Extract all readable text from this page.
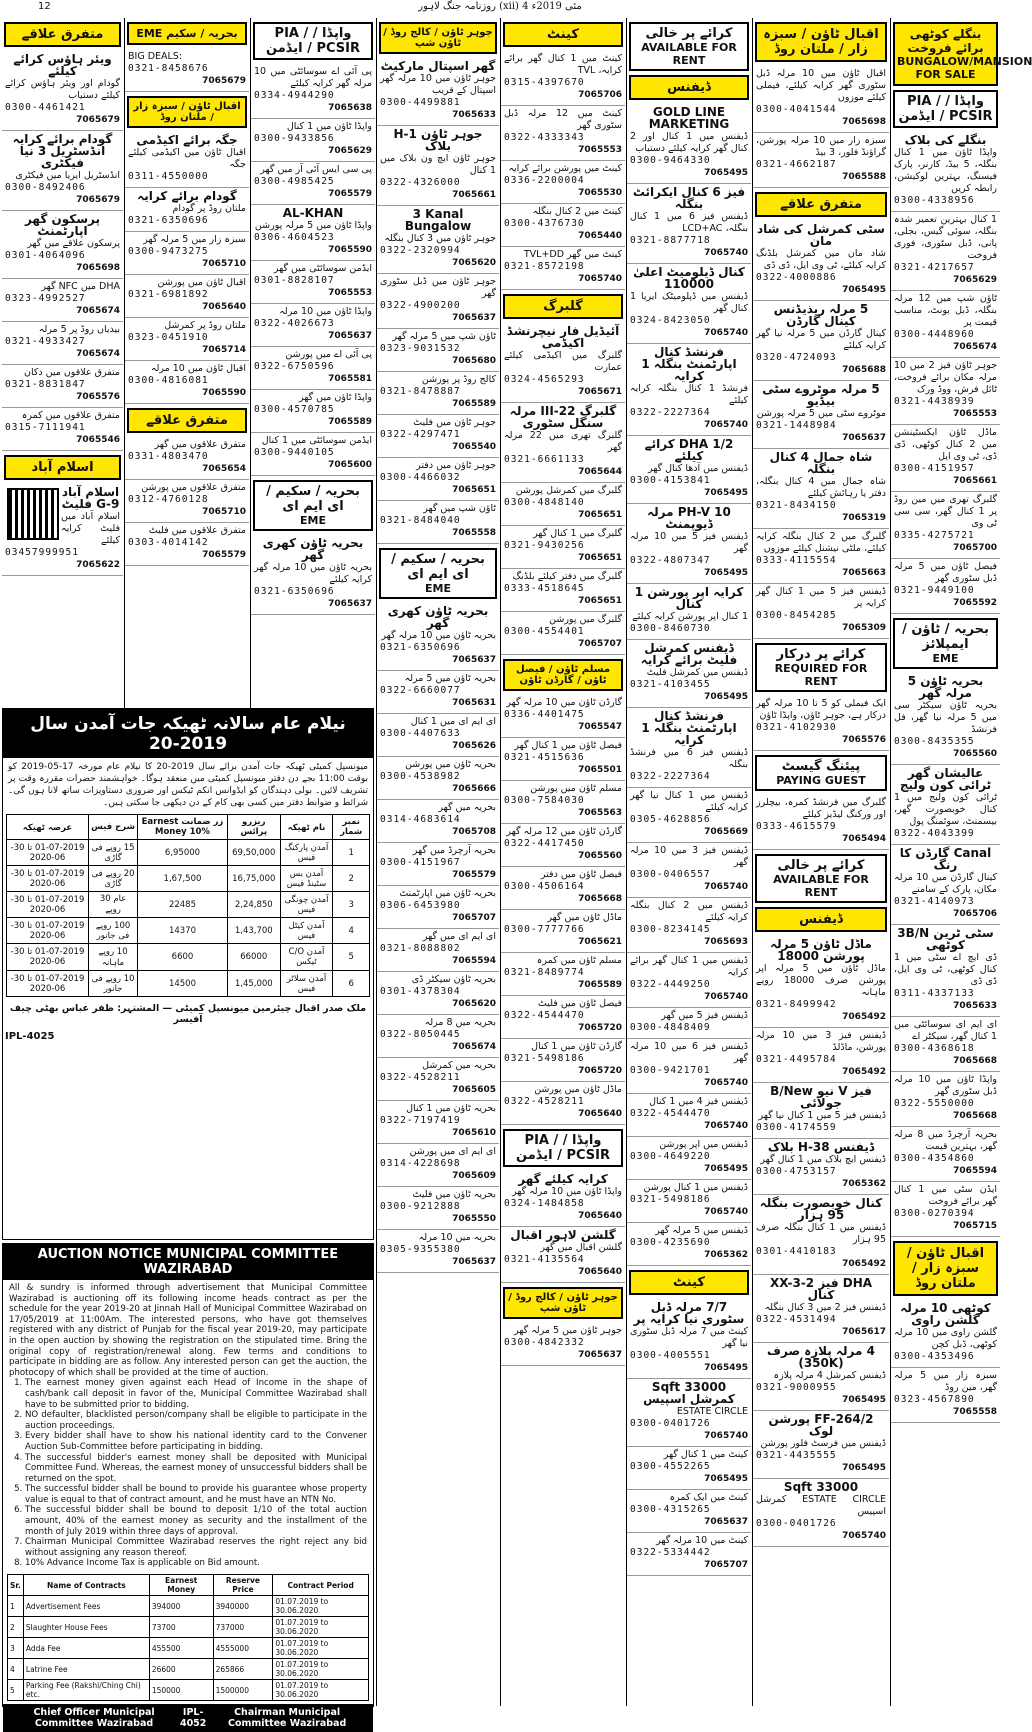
12	روزنامہ جنگ لاہور (xii) 4 مئی 2019ء
بنگلے کوٹھی برائے فروخت
BUNGALOW/MANSION FOR SALE
واپڈا / PIA / PCSIR / ایڈمن
بنگلے کی بلاک
واپڈا ٹاؤن میں 1 کنال بنگلہ، 5 بیڈ، کارنر، پارک فیسنگ، بہترین لوکیشن، رابطہ کریں
0300-4338956
1 کنال بہترین تعمیر شدہ بنگلہ، سوئی گیس، بجلی، پانی، ڈبل سٹوری، فوری فروخت
0321-4217657
7065629
ٹاؤن شپ میں 12 مرلہ بنگلہ، ڈبل یونٹ، مناسب قیمت پر
0300-4448960
7065674
جوہر ٹاؤن فیز 2 میں 10 مرلہ مکان برائے فروخت، ٹائل فرش، ووڈ ورک
0321-4438939
7065553
ماڈل ٹاؤن ایکسٹینشن میں 2 کنال کوٹھی، ڈی ڈی، ٹی وی ایل
0300-4151957
7065661
گلبرگ تھری میں مین روڈ پر 1 کنال گھر، سی سی ٹی وی
0335-4275721
7065700
فیصل ٹاؤن میں 5 مرلہ ڈبل سٹوری گھر
0321-9449100
7065592
بحریہ / ٹاؤن / ایمپلائز
EME
بحریہ ٹاؤن 5 مرلہ گھر
بحریہ ٹاؤن سیکٹر سی میں 5 مرلہ نیا گھر، فل فرنشڈ
0300-8435355
7065560
عالیشان گھر ٹرائی کون ولیج
ٹرائی کون ولیج میں 1 کنال خوبصورت گھر، بیسمنٹ، سوئمنگ پول
0322-4043399
Canal گارڈن کا رنگ
کینال گارڈن میں 10 مرلہ مکان، پارک کے سامنے
0321-4140973
7065706
سٹی ٹرین 3B/N کوٹھی
ڈی ایچ اے سٹی میں 1 کنال کوٹھی، ٹی وی ایل، ڈی ڈی
0311-4337133
7065633
ای ایم ای سوسائٹی میں 1 کنال گھر، سیکٹر اے
0300-4368618
7065668
واپڈا ٹاؤن میں 10 مرلہ ڈبل سٹوری گھر
0322-5550000
7065668
بحریہ آرچرڈ میں 8 مرلہ گھر، بہترین قیمت
0300-4354860
7065594
ایڈن سٹی میں 1 کنال گھر برائے فروخت
0300-0270394
7065715
اقبال ٹاؤن / سبزہ زار / ملتان روڈ
کوٹھی 10 مرلہ گلشن راوی
گلشن راوی میں 10 مرلہ کوٹھی، ڈبل کچن
0300-4353496
سبزہ زار میں 5 مرلہ گھر، مین روڈ
0323-4567890
7065558
اقبال ٹاؤن / سبزہ زار / ملتان روڈ
اقبال ٹاؤن میں 10 مرلہ ڈبل سٹوری گھر کرایہ کیلئے، فیملی کیلئے موزوں
0300-4041544
7065698
سبزہ زار میں 10 مرلہ پورشن، گراؤنڈ فلور، 3 بیڈ
0321-4662187
7065588
متفرق علاقے
سٹی کمرشل کی شاد مان
شاد مان میں کمرشل بلڈنگ کرایہ کیلئے، ٹی وی ایل، ڈی ڈی
0322-4000886
7065495
5 مرلہ ریذیڈنس کینال گارڈن
کینال گارڈن میں 5 مرلہ نیا گھر کرایہ کیلئے
0320-4724093
7065688
5 مرلہ موٹروے سٹی بیڈیو
موٹروے سٹی میں 5 مرلہ پورشن
0321-1448984
7065637
شاہ جمال 4 کنال بنگلہ
شاہ جمال میں 4 کنال بنگلہ، دفتر یا رہائش کیلئے
0321-8434150
7065319
گلبرگ میں 2 کنال بنگلہ کرایہ کیلئے، ملٹی نیشنل کیلئے موزوں
0333-4115554
7065663
ڈیفنس فیز 5 میں 1 کنال گھر کرایہ پر
0300-8454285
7065309
کرائے پر درکار
REQUIRED FOR RENT
ایک فیملی کو 5 تا 10 مرلہ گھر درکار ہے، جوہر ٹاؤن، واپڈا ٹاؤن
0321-4102930
7065576
پیئنگ گیسٹ
PAYING GUEST
گلبرگ میں فرنشڈ کمرہ، بیچلرز اور ورکنگ لیڈیز کیلئے
0333-4615579
7065494
کرائے پر خالی
AVAILABLE FOR RENT
ڈیفنس
ماڈل ٹاؤن 5 مرلہ پورشن 18000
ماڈل ٹاؤن میں 5 مرلہ اپر پورشن صرف 18000 روپے ماہانہ
0321-8499942
7065492
ڈیفنس فیز 3 میں 10 مرلہ پورشن، ماڈلڈ
0321-4495784
7065492
فیز V نیو B/New جولائی
ڈیفنس فیز 5 میں 1 کنال نیا گھر
0300-4174559
ڈیفنس H-38 بلاک
ڈیفنس ایچ بلاک میں 1 کنال گھر
0300-4753157
7065362
کنال خوبصورت بنگلہ 95 ہزار
ڈیفنس میں 1 کنال بنگلہ صرف 95 ہزار
0301-4410183
7065492
DHA فیز 2-XX-3 کنال
ڈیفنس فیز 2 میں 3 کنال بنگلہ
0322-4531494
7065617
4 مرلہ پلازہ صرف (350K)
ڈیفنس کمرشل 4 مرلہ پلازہ
0321-9000955
7065495
264/2-FF پورشن لوک
ڈیفنس میں فرسٹ فلور پورشن
0321-4435555
7065495
33000 Sqft
ESTATE CIRCLE کمرشل اسپیس
0300-0401726
7065740
کرائے پر خالی
AVAILABLE FOR RENT
ڈیفنس
GOLD LINE MARKETING
ڈیفنس میں 1 کنال اور 2 کنال گھر کرایہ کیلئے دستیاب
0300-9464330
7065495
فیز 6 کنال ایکرائٹ بنگلہ
ڈیفنس فیز 6 میں 1 کنال بنگلہ، LCD+AC
0321-8877718
7065740
کنال ڈیلومیٹ اعلیٰ 110000
ڈیفنس میں ڈپلومیٹک ایریا 1 کنال گھر
0324-8423050
7065740
فرنشڈ کنال اپارٹمنٹ بنگلہ 1 کرایہ
فرنشڈ 1 کنال بنگلہ کرایہ کیلئے
0322-2227364
7065740
DHA 1/2 کرائے کیلئے
ڈیفنس میں آدھا کنال گھر
0300-4153841
7065495
PH-V 10 مرلہ ڈیوپمنٹ
ڈیفنس فیز 5 میں 10 مرلہ گھر
0322-4807347
7065495
کرایہ اپر پورشن 1 کنال
1 کنال اپر پورشن کرایہ کیلئے
0300-8460730
ڈیفنس کمرشل فلیٹ برائے کرایہ
ڈیفنس میں کمرشل فلیٹ
0321-4103455
7065495
فرنشڈ کنال اپارٹمنٹ بنگلہ 1 کرایہ
ڈیفنس فیز 6 میں فرنشڈ بنگلہ
0322-2227364
ڈیفنس میں 1 کنال نیا گھر کرایہ کیلئے
0305-4628856
7065669
ڈیفنس فیز 3 میں 10 مرلہ گھر
0300-0406557
7065740
ڈیفنس میں 2 کنال بنگلہ کرایہ کیلئے
0300-8234145
7065693
ڈیفنس میں 1 کنال گھر برائے کرایہ
0322-4449250
7065740
ڈیفنس فیز 5 میں گھر
0300-4848409
ڈیفنس فیز 6 میں 10 مرلہ گھر
0300-9421701
7065740
ڈیفنس فیز 4 میں 1 کنال
0322-4544470
7065740
ڈیفنس میں اپر پورشن
0300-4649220
7065495
ڈیفنس میں 1 کنال پورشن
0321-5498186
7065740
ڈیفنس میں 5 مرلہ گھر
0300-4235690
7065362
کینٹ
7/7 مرلہ ڈبل سٹوری نیا کرایہ پر
کینٹ میں 7 مرلہ ڈبل سٹوری نیا گھر
0300-4005551
7065495
33000 Sqft کمرشل اسپیس
ESTATE CIRCLE
0300-0401726
7065740
کینٹ میں 1 کنال گھر
0300-4552265
7065495
کینٹ میں ایک کمرہ
0300-4315265
7065637
کینٹ میں 10 مرلہ گھر
0322-5334442
7065707
کینٹ
کینٹ میں 1 کنال گھر برائے کرایہ، TVL
0315-4397670
7065706
کینٹ میں 12 مرلہ ڈبل سٹوری گھر
0322-4333343
7065553
کینٹ میں پورشن برائے کرایہ
0336-2200004
7065530
کینٹ میں 2 کنال بنگلہ
0300-4376730
7065440
کینٹ میں گھر TVL+DD
0321-8572198
7065740
گلبرگ
آئیڈیل فار نیچرنشڈ اکیڈمی
گلبرگ میں اکیڈمی کیلئے عمارت
0324-4565293
7065671
گلبرگ III-22 مرلہ سنگل سٹوری
گلبرگ تھری میں 22 مرلہ گھر
0321-6661133
7065644
گلبرگ میں کمرشل پورشن
0300-4848140
7065651
گلبرگ میں 1 کنال گھر
0321-9430256
7065651
گلبرگ میں دفتر کیلئے بلڈنگ
0333-4518645
7065651
گلبرگ میں پورشن
0300-4554401
7065707
مسلم ٹاؤن / فیصل ٹاؤن / گارڈن ٹاؤن
گارڈن ٹاؤن میں 10 مرلہ گھر
0336-4401475
7065547
فیصل ٹاؤن میں 1 کنال گھر
0321-4515636
7065501
مسلم ٹاؤن میں پورشن
0300-7584030
7065563
گارڈن ٹاؤن میں 12 مرلہ گھر
0322-4417450
7065560
فیصل ٹاؤن میں دفتر
0300-4506164
7065668
ماڈل ٹاؤن میں گھر
0300-7777766
7065621
مسلم ٹاؤن میں کمرہ
0321-8489774
7065589
فیصل ٹاؤن میں فلیٹ
0322-4544470
7065720
گارڈن ٹاؤن میں 1 کنال
0321-5498186
7065720
ماڈل ٹاؤن میں پورشن
0322-4528211
7065640
واپڈا / PIA / PCSIR / ایڈمن
کرایہ کیلئے گھر
واپڈا ٹاؤن میں 10 مرلہ گھر
0324-1484858
7065640
گلشن لاہور اقبال
گلشن اقبال میں گھر
0321-4135564
7065640
جوہر ٹاؤن / کالج روڈ / ٹاؤن شپ
جوہر ٹاؤن میں 5 مرلہ گھر
0300-4842332
7065637
جوہر ٹاؤن / کالج روڈ / ٹاؤن شپ
گھر اسپتال مارکیٹ
جوہر ٹاؤن میں 10 مرلہ گھر اسپتال کے قریب
0300-4499881
7065633
جوہر ٹاؤن H-1 بلاک
جوہر ٹاؤن ایچ ون بلاک میں 1 کنال
0322-4326000
7065661
3 Kanal Bungalow
جوہر ٹاؤن میں 3 کنال بنگلہ
0322-2320994
7065620
جوہر ٹاؤن میں ڈبل سٹوری گھر
0322-4900200
7065637
ٹاؤن شپ میں 5 مرلہ گھر
0323-9031532
7065680
کالج روڈ پر پورشن
0321-8478887
7065589
جوہر ٹاؤن میں فلیٹ
0322-4297471
7065540
جوہر ٹاؤن میں دفتر
0300-4466032
7065651
ٹاؤن شپ میں گھر
0321-8484040
7065558
بحریہ / سکیم / ای ایم ای
EME
بحریہ ٹاؤن کھری گھر
بحریہ ٹاؤن میں 10 مرلہ گھر
0321-6350696
7065637
بحریہ ٹاؤن میں 5 مرلہ
0322-6660077
7065631
ای ایم ای میں 1 کنال
0300-4407633
7065626
بحریہ ٹاؤن میں پورشن
0300-4538982
7065666
بحریہ میں گھر
0314-4683614
7065708
بحریہ آرچرڈ میں گھر
0300-4151967
7065579
بحریہ ٹاؤن میں اپارٹمنٹ
0306-6453980
7065707
ای ایم ای میں گھر
0321-8088802
7065594
بحریہ ٹاؤن سیکٹر ڈی
0301-4378304
7065620
بحریہ میں 8 مرلہ
0322-8050445
7065674
بحریہ میں کمرشل
0322-4528211
7065605
بحریہ ٹاؤن میں 1 کنال
0322-7197419
7065610
ای ایم ای میں پورشن
0314-4228698
7065609
بحریہ ٹاؤن میں فلیٹ
0300-9212888
7065550
بحریہ میں 10 مرلہ
0305-9355380
7065637
واپڈا / PIA / PCSIR / ایڈمن
پی آئی اے سوسائٹی میں 10 مرلہ گھر کرایہ کیلئے
0334-4944290
7065638
واپڈا ٹاؤن میں 1 کنال
0300-9433856
7065629
پی سی ایس آئی آر میں گھر
0300-4985425
7065579
AL-KHAN
واپڈا ٹاؤن میں 5 مرلہ پورشن
0306-4604523
7065590
ایڈمن سوسائٹی میں گھر
0301-8828107
7065553
واپڈا ٹاؤن میں 10 مرلہ
0322-4026673
7065637
پی آئی اے میں پورشن
0322-6750596
7065581
واپڈا ٹاؤن میں گھر
0300-4570785
7065589
ایڈمن سوسائٹی میں 1 کنال
0300-9440105
7065600
بحریہ / سکیم / ای ایم ای
EME
بحریہ ٹاؤن کھری گھر
بحریہ ٹاؤن میں 10 مرلہ گھر کرایہ کیلئے
0321-6350696
7065637
EME بحریہ / سکیم
BIG DEALS:
0321-8458676
7065679
اقبال ٹاؤن / سبزہ زار / ملتان روڈ
جگہ برائے اکیڈمی
اقبال ٹاؤن میں اکیڈمی کیلئے جگہ
0311-4550000
گودام برائے کرایہ
ملتان روڈ پر گودام
0321-6350696
سبزہ زار میں 5 مرلہ گھر
0300-9473275
7065710
اقبال ٹاؤن میں پورشن
0321-6981892
7065640
ملتان روڈ پر کمرشل
0323-0451910
7065714
اقبال ٹاؤن میں 10 مرلہ
0300-4816081
7065590
متفرق علاقے
متفرق علاقوں میں گھر
0331-4803470
7065654
متفرق علاقوں میں پورشن
0312-4760128
7065710
متفرق علاقوں میں فلیٹ
0303-4014142
7065579
متفرق علاقے
ویئر ہاؤس کرائے کیلئے
گودام اور ویئر ہاؤس کرائے کیلئے دستیاب
0300-4461421
7065679
گودام برائے کرایہ انڈسٹریل 3 نیا فیکٹری
انڈسٹریل ایریا میں فیکٹری
0300-8492406
7065679
پرسکون گھر اپارٹمنٹ
پرسکون علاقے میں گھر
0301-4064096
7065698
DHA میں NFC گھر
0323-4992527
7065674
بیدیاں روڈ پر 5 مرلہ
0321-4933427
7065674
متفرق علاقوں میں دکان
0321-8831847
7065576
متفرق علاقوں میں کمرہ
0315-7111941
7065546
اسلام آباد
اسلام آباد G-9 فلیٹ
اسلام آباد میں فلیٹ کرایہ کیلئے
03457999951
7065622
نیلام عام سالانہ ٹھیکہ جات آمدن سال 2019-20
میونسپل کمیٹی ٹھیکہ جات آمدن برائے سال 2019-20 کا نیلام عام مورخہ 17-05-2019 کو بوقت 11:00 بجے دن دفتر میونسپل کمیٹی میں منعقد ہوگا۔ خواہشمند حضرات مقررہ وقت پر تشریف لائیں۔ بولی دہندگان کو ایڈوانس انکم ٹیکس اور ضروری دستاویزات ساتھ لانا ہوں گی۔ شرائط و ضوابط دفتر میں کسی بھی کام کے دن دیکھی جا سکتی ہیں۔
نمبر شمار	نام ٹھیکہ	ریزرو پرائس	زر ضمانت Earnest Money 10%	شرح فیس	عرصہ ٹھیکہ
1	آمدن پارکنگ فیس	69,50,000	6,95000	15 روپے فی گاڑی	01-07-2019 تا 30-06-2020
2	آمدن بس سٹینڈ فیس	16,75,000	1,67,500	20 روپے فی گاڑی	01-07-2019 تا 30-06-2020
3	آمدن چونگی فیس	2,24,850	22485	عام 30 روپے	01-07-2019 تا 30-06-2020
4	آمدن کیٹل فیس	1,43,700	14370	100 روپے فی جانور	01-07-2019 تا 30-06-2020
5	آمدن C/O ٹیکس	66000	6600	10 روپے ماہانہ	01-07-2019 تا 30-06-2020
6	آمدن سلاٹر فیس	1,45,000	14500	10 روپے فی جانور	01-07-2019 تا 30-06-2020
ملک صدر اقبال چیئرمین میونسپل کمیٹی — المشتہر: ظفر عباس بھٹی چیف آفیسر
IPL-4025
AUCTION NOTICE MUNICIPAL COMMITTEE WAZIRABAD
All & sundry is informed through advertisement that Municipal Committee Wazirabad is auctioning off its following income heads contract as per the schedule for the year 2019-20 at Jinnah Hall of Municipal Committee Wazirabad on 17/05/2019 at 11:00Am. The interested persons, who have got themselves registered with any district of Punjab for the fiscal year 2019-20, may participate in the open auction by showing the registration on the stipulated time. Bring the original copy of registration/renewal along. Few terms and conditions to participate in bidding are as follow. Any interested person can get the auction, the photocopy of which shall be provided at the time of auction.
1. The earnest money given against each Head of Income in the shape of cash/bank call deposit in favor of the, Municipal Committee Wazirabad shall have to be submitted prior to bidding.
2. NO defaulter, blacklisted person/company shall be eligible to participate in the auction proceedings.
3. Every bidder shall have to show his national identity card to the Convener Auction Sub-Committee before participating in bidding.
4. The successful bidder's earnest money shall be deposited with Municipal Committee Fund. Whereas, the earnest money of unsuccessful bidders shall be returned on the spot.
5. The successful bidder shall be bound to provide his guarantee whose property value is equal to that of contract amount, and he must have an NTN No.
6. The successful bidder shall be bound to deposit 1/10 of the total auction amount, 40% of the earnest money as security and the installment of the month of July 2019 within three days of approval.
7. Chairman Municipal Committee Wazirabad reserves the right reject any bid without assigning any reason thereof.
8. 10% Advance Income Tax is applicable on Bid amount.
Sr.	Name of Contracts	Earnest Money	Reserve Price	Contract Period
1	Advertisement Fees	394000	3940000	01.07.2019 to 30.06.2020
2	Slaughter House Fees	73700	737000	01.07.2019 to 30.06.2020
3	Adda Fee	455500	4555000	01.07.2019 to 30.06.2020
4	Latrine Fee	26600	265866	01.07.2019 to 30.06.2020
5	Parking Fee (Rakshi/Ching Chi) etc.	150000	1500000	01.07.2019 to 30.06.2020
Chief Officer Municipal Committee Wazirabad
IPL-4052
Chairman Municipal Committee Wazirabad
